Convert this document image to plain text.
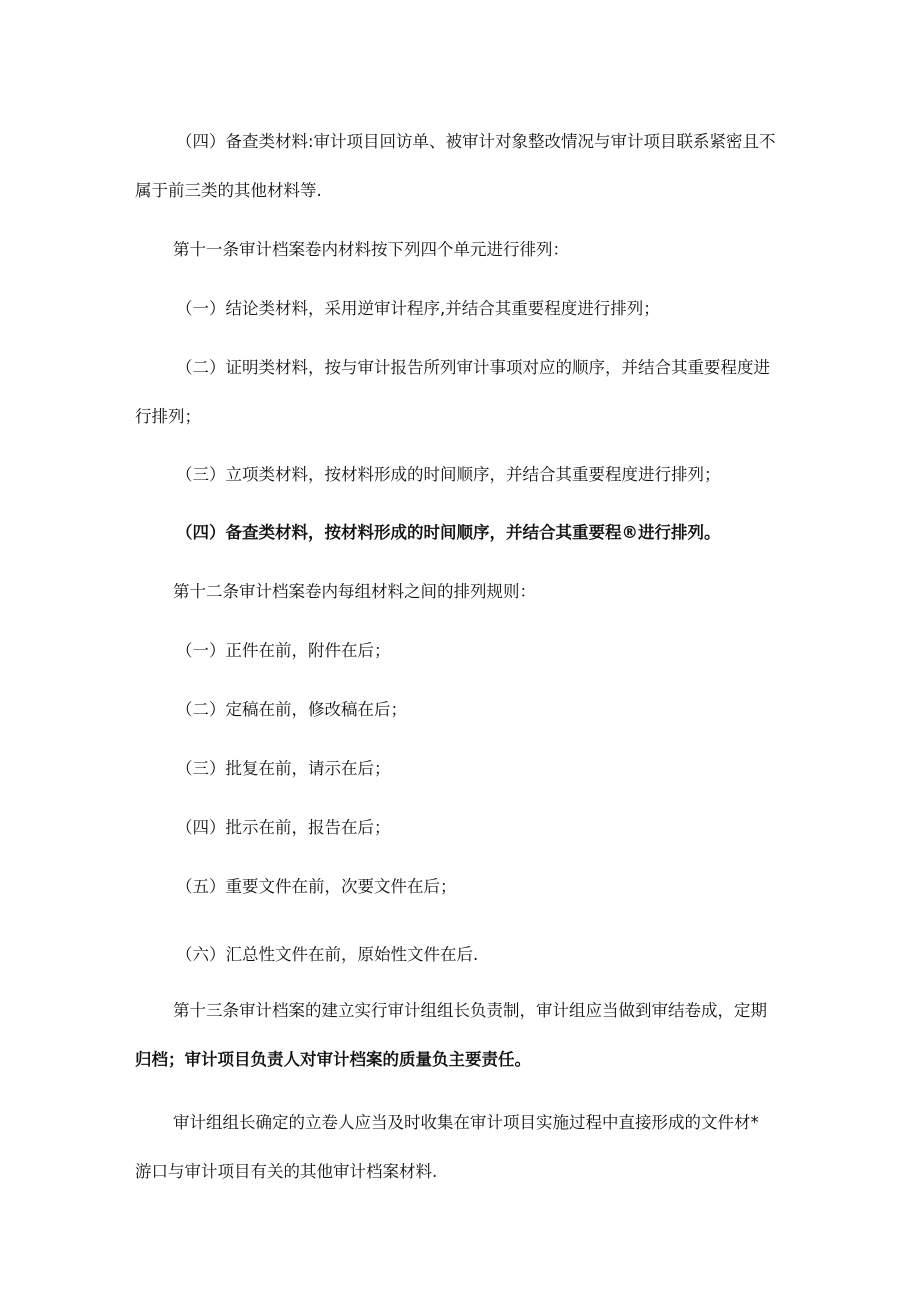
（四）备查类材料:审计项目回访单、被审计对象整改情况与审计项目联系紧密且不
属于前三类的其他材料等.
第十一条审计档案卷内材料按下列四个单元进行徘列：
（一）结论类材料，采用逆审计程序,并结合其重要程度进行排列；
（二）证明类材料，按与审计报告所列审计事项对应的顺序，并结合其重要程度进
行排列；
（三）立项类材料，按材料形成的时间顺序，并结合其重要程度进行排列；
（四）备查类材料，按材料形成的时间顺序，并结合其重要程®进行排列。
第十二条审计档案卷内每组材料之间的排列规则：
（一）正件在前，附件在后；
（二）定稿在前，修改稿在后；
（三）批复在前，请示在后；
（四）批示在前，报告在后；
（五）重要文件在前，次要文件在后；
（六）汇总性文件在前，原始性文件在后.
第十三条审计档案的建立实行审计组组长负责制，审计组应当做到审结卷成，定期
归档；审计项目负责人对审计档案的质量负主要责任。
审计组组长确定的立卷人应当及时收集在审计项目实施过程中直接形成的文件材*
游口与审计项目有关的其他审计档案材料.
